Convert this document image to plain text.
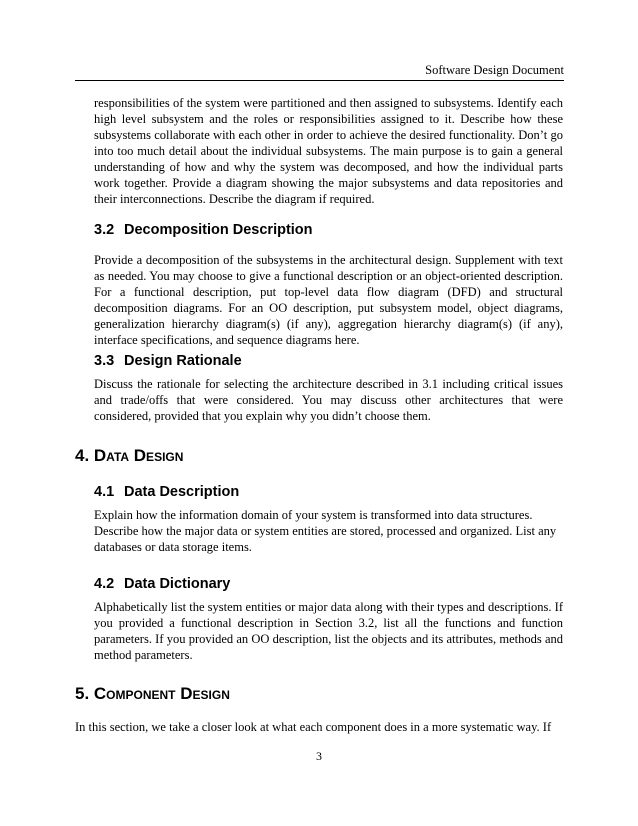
Software Design Document

responsibilities of the system were partitioned and then assigned to subsystems. Identify each high level subsystem and the roles or responsibilities assigned to it. Describe how these subsystems collaborate with each other in order to achieve the desired functionality. Don’t go into too much detail about the individual subsystems. The main purpose is to gain a general understanding of how and why the system was decomposed, and how the individual parts work together. Provide a diagram showing the major subsystems and data repositories and their interconnections. Describe the diagram if required.

3.2 Decomposition Description

Provide a decomposition of the subsystems in the architectural design. Supplement with text as needed. You may choose to give a functional description or an object-oriented description. For a functional description, put top-level data flow diagram (DFD) and structural decomposition diagrams. For an OO description, put subsystem model, object diagrams, generalization hierarchy diagram(s) (if any), aggregation hierarchy diagram(s) (if any), interface specifications, and sequence diagrams here.

3.3 Design Rationale

Discuss the rationale for selecting the architecture described in 3.1 including critical issues and trade/offs that were considered. You may discuss other architectures that were considered, provided that you explain why you didn’t choose them.

4. Data Design
4.1 Data Description

Explain how the information domain of your system is transformed into data structures. Describe how the major data or system entities are stored, processed and organized. List any databases or data storage items.

4.2 Data Dictionary

Alphabetically list the system entities or major data along with their types and descriptions. If you provided a functional description in Section 3.2, list all the functions and function parameters. If you provided an OO description, list the objects and its attributes, methods and method parameters.

5. Component Design

In this section, we take a closer look at what each component does in a more systematic way. If

3
